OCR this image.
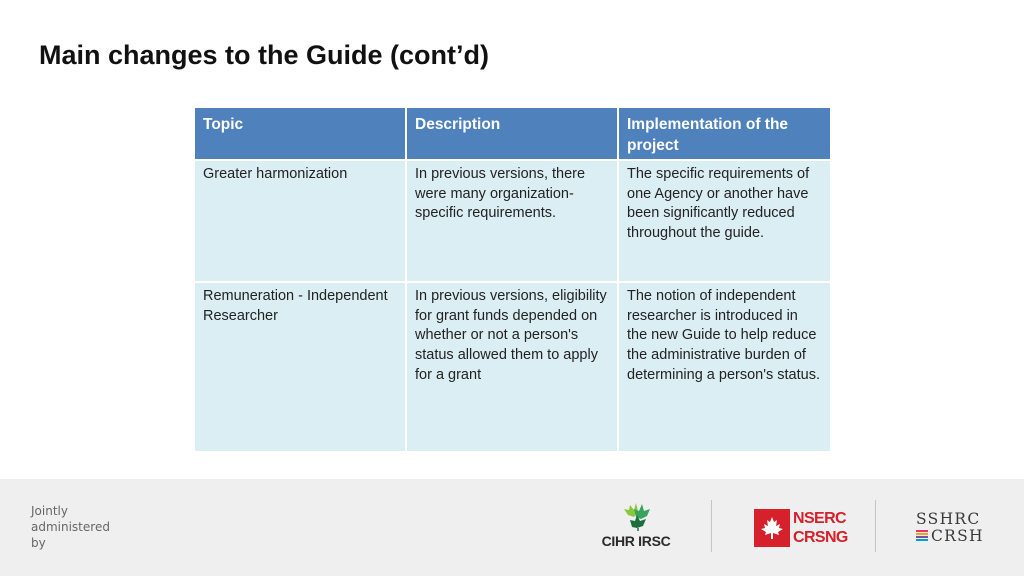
Main changes to the Guide (cont’d)
Topic	Description	Implementation of the project
Greater harmonization	In previous versions, there were many organization-specific requirements.	The specific requirements of one Agency or another have been significantly reduced throughout the guide.
Remuneration - Independent Researcher	In previous versions, eligibility for grant funds depended on whether or not a person's status allowed them to apply for a grant	The notion of independent researcher is introduced in the new Guide to help reduce the administrative burden of determining a person's status.
Jointly
administered
by	CIHR IRSC
NSERC
CRSNG
SSHRC
CRSH
